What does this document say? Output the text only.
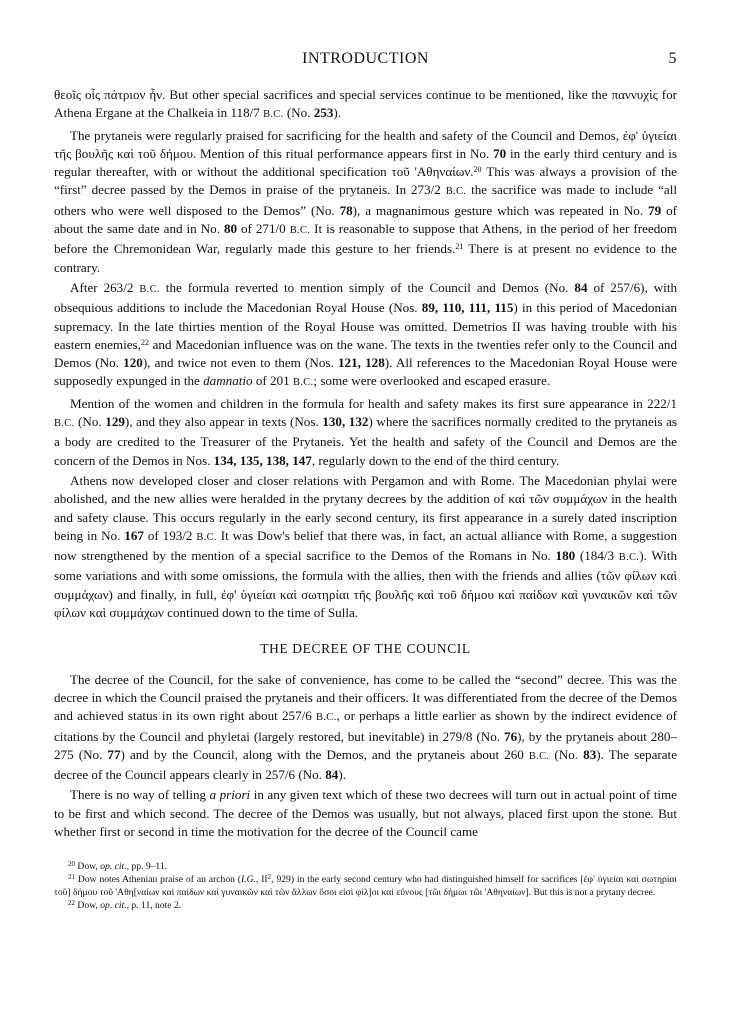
INTRODUCTION	5

θεοῖς οἷς πάτριον ἦν. But other special sacrifices and special services continue to be mentioned, like the παννυχὶς for Athena Ergane at the Chalkeia in 118/7 B.C. (No. 253).

The prytaneis were regularly praised for sacrificing for the health and safety of the Council and Demos, ἐφ' ὑγιείαι τῆς βουλῆς καὶ τοῦ δήμου. Mention of this ritual performance appears first in No. 70 in the early third century and is regular thereafter, with or without the additional specification τοῦ 'Αθηναίων.$^{20}$ This was always a provision of the “first” decree passed by the Demos in praise of the prytaneis. In 273/2 B.C. the sacrifice was made to include “all others who were well disposed to the Demos” (No. 78), a magnanimous gesture which was repeated in No. 79 of about the same date and in No. 80 of 271/0 B.C. It is reasonable to suppose that Athens, in the period of her freedom before the Chremonidean War, regularly made this gesture to her friends.$^{21}$ There is at present no evidence to the contrary.

After 263/2 B.C. the formula reverted to mention simply of the Council and Demos (No. 84 of 257/6), with obsequious additions to include the Macedonian Royal House (Nos. 89, 110, 111, 115) in this period of Macedonian supremacy. In the late thirties mention of the Royal House was omitted. Demetrios II was having trouble with his eastern enemies,$^{22}$ and Macedonian influence was on the wane. The texts in the twenties refer only to the Council and Demos (No. 120), and twice not even to them (Nos. 121, 128). All references to the Macedonian Royal House were supposedly expunged in the damnatio of 201 B.C.; some were overlooked and escaped erasure.

Mention of the women and children in the formula for health and safety makes its first sure appearance in 222/1 B.C. (No. 129), and they also appear in texts (Nos. 130, 132) where the sacrifices normally credited to the prytaneis as a body are credited to the Treasurer of the Prytaneis. Yet the health and safety of the Council and Demos are the concern of the Demos in Nos. 134, 135, 138, 147, regularly down to the end of the third century.

Athens now developed closer and closer relations with Pergamon and with Rome. The Macedonian phylai were abolished, and the new allies were heralded in the prytany decrees by the addition of καὶ τῶν συμμάχων in the health and safety clause. This occurs regularly in the early second century, its first appearance in a surely dated inscription being in No. 167 of 193/2 B.C. It was Dow's belief that there was, in fact, an actual alliance with Rome, a suggestion now strengthened by the mention of a special sacrifice to the Demos of the Romans in No. 180 (184/3 B.C.). With some variations and with some omissions, the formula with the allies, then with the friends and allies (τῶν φίλων καὶ συμμάχων) and finally, in full, ἐφ' ὑγιείαι καὶ σωτηρίαι τῆς βουλῆς καὶ τοῦ δήμου καὶ παίδων καὶ γυναικῶν καὶ τῶν φίλων καὶ συμμάχων continued down to the time of Sulla.

THE DECREE OF THE COUNCIL

The decree of the Council, for the sake of convenience, has come to be called the “second” decree. This was the decree in which the Council praised the prytaneis and their officers. It was differentiated from the decree of the Demos and achieved status in its own right about 257/6 B.C., or perhaps a little earlier as shown by the indirect evidence of citations by the Council and phyletai (largely restored, but inevitable) in 279/8 (No. 76), by the prytaneis about 280–275 (No. 77) and by the Council, along with the Demos, and the prytaneis about 260 B.C. (No. 83). The separate decree of the Council appears clearly in 257/6 (No. 84).

There is no way of telling a priori in any given text which of these two decrees will turn out in actual point of time to be first and which second. The decree of the Demos was usually, but not always, placed first upon the stone. But whether first or second in time the motivation for the decree of the Council came

$^{20}$ Dow, op. cit., pp. 9–11.

$^{21}$ Dow notes Athenian praise of an archon (I.G., $II^2$, 929) in the early second century who had distinguished himself for sacrifices [ἐφ' ὑγιείαι καὶ σωτηρίαι τοῦ] δήμου τοῦ 'Αθη[ναίων καὶ παίδων καὶ γυναικῶν καὶ τῶν ἄλλων ὅσοι εἰσὶ φίλ]οι καὶ εὔνους [τῶι δήμωι τῶι 'Αθηναίων]. But this is not a prytany decree.

$^{22}$ Dow, op. cit., p. 11, note 2.
